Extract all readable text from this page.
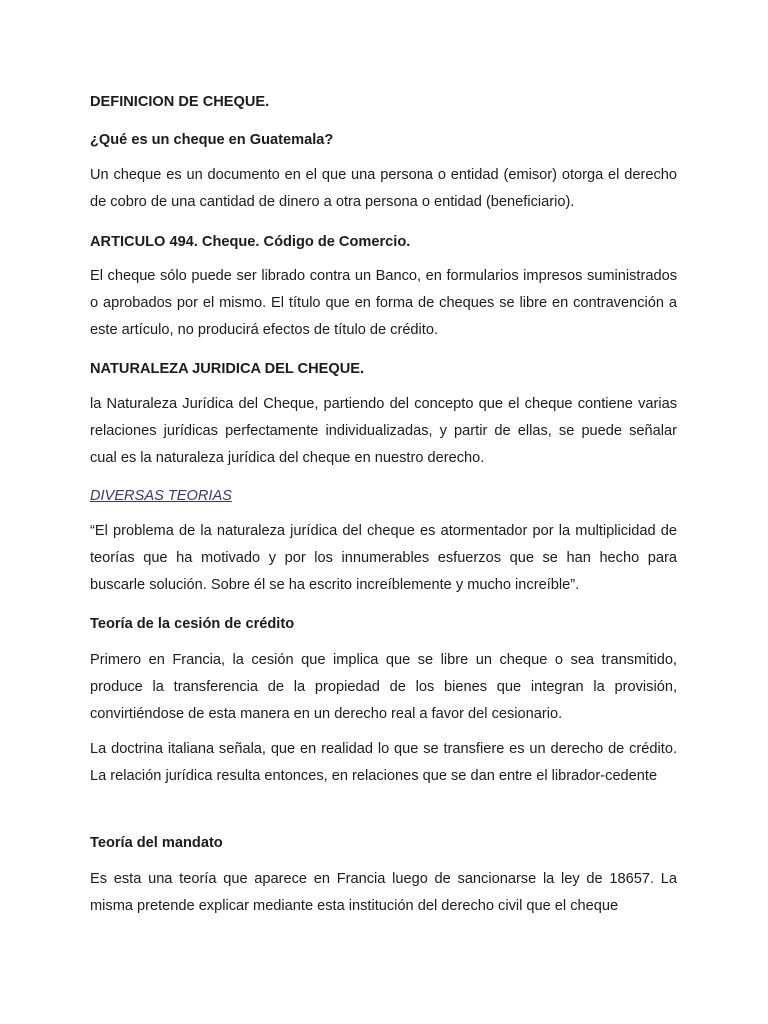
DEFINICION DE CHEQUE.

¿Qué es un cheque en Guatemala?

Un cheque es un documento en el que una persona o entidad (emisor) otorga el derecho de cobro de una cantidad de dinero a otra persona o entidad (beneficiario).

ARTICULO 494. Cheque. Código de Comercio.

El cheque sólo puede ser librado contra un Banco, en formularios impresos suministrados o aprobados por el mismo. El título que en forma de cheques se libre en contravención a este artículo, no producirá efectos de título de crédito.

NATURALEZA JURIDICA DEL CHEQUE.

la Naturaleza Jurídica del Cheque, partiendo del concepto que el cheque contiene varias relaciones jurídicas perfectamente individualizadas, y partir de ellas, se puede señalar cual es la naturaleza jurídica del cheque en nuestro derecho.

DIVERSAS TEORIAS

“El problema de la naturaleza jurídica del cheque es atormentador por la multiplicidad de teorías que ha motivado y por los innumerables esfuerzos que se han hecho para buscarle solución. Sobre él se ha escrito increíblemente y mucho increíble”.

Teoría de la cesión de crédito

Primero en Francia, la cesión que implica que se libre un cheque o sea transmitido, produce la transferencia de la propiedad de los bienes que integran la provisión, convirtiéndose de esta manera en un derecho real a favor del cesionario.

La doctrina italiana señala, que en realidad lo que se transfiere es un derecho de crédito. La relación jurídica resulta entonces, en relaciones que se dan entre el librador-cedente

Teoría del mandato

Es esta una teoría que aparece en Francia luego de sancionarse la ley de 18657. La misma pretende explicar mediante esta institución del derecho civil que el cheque
